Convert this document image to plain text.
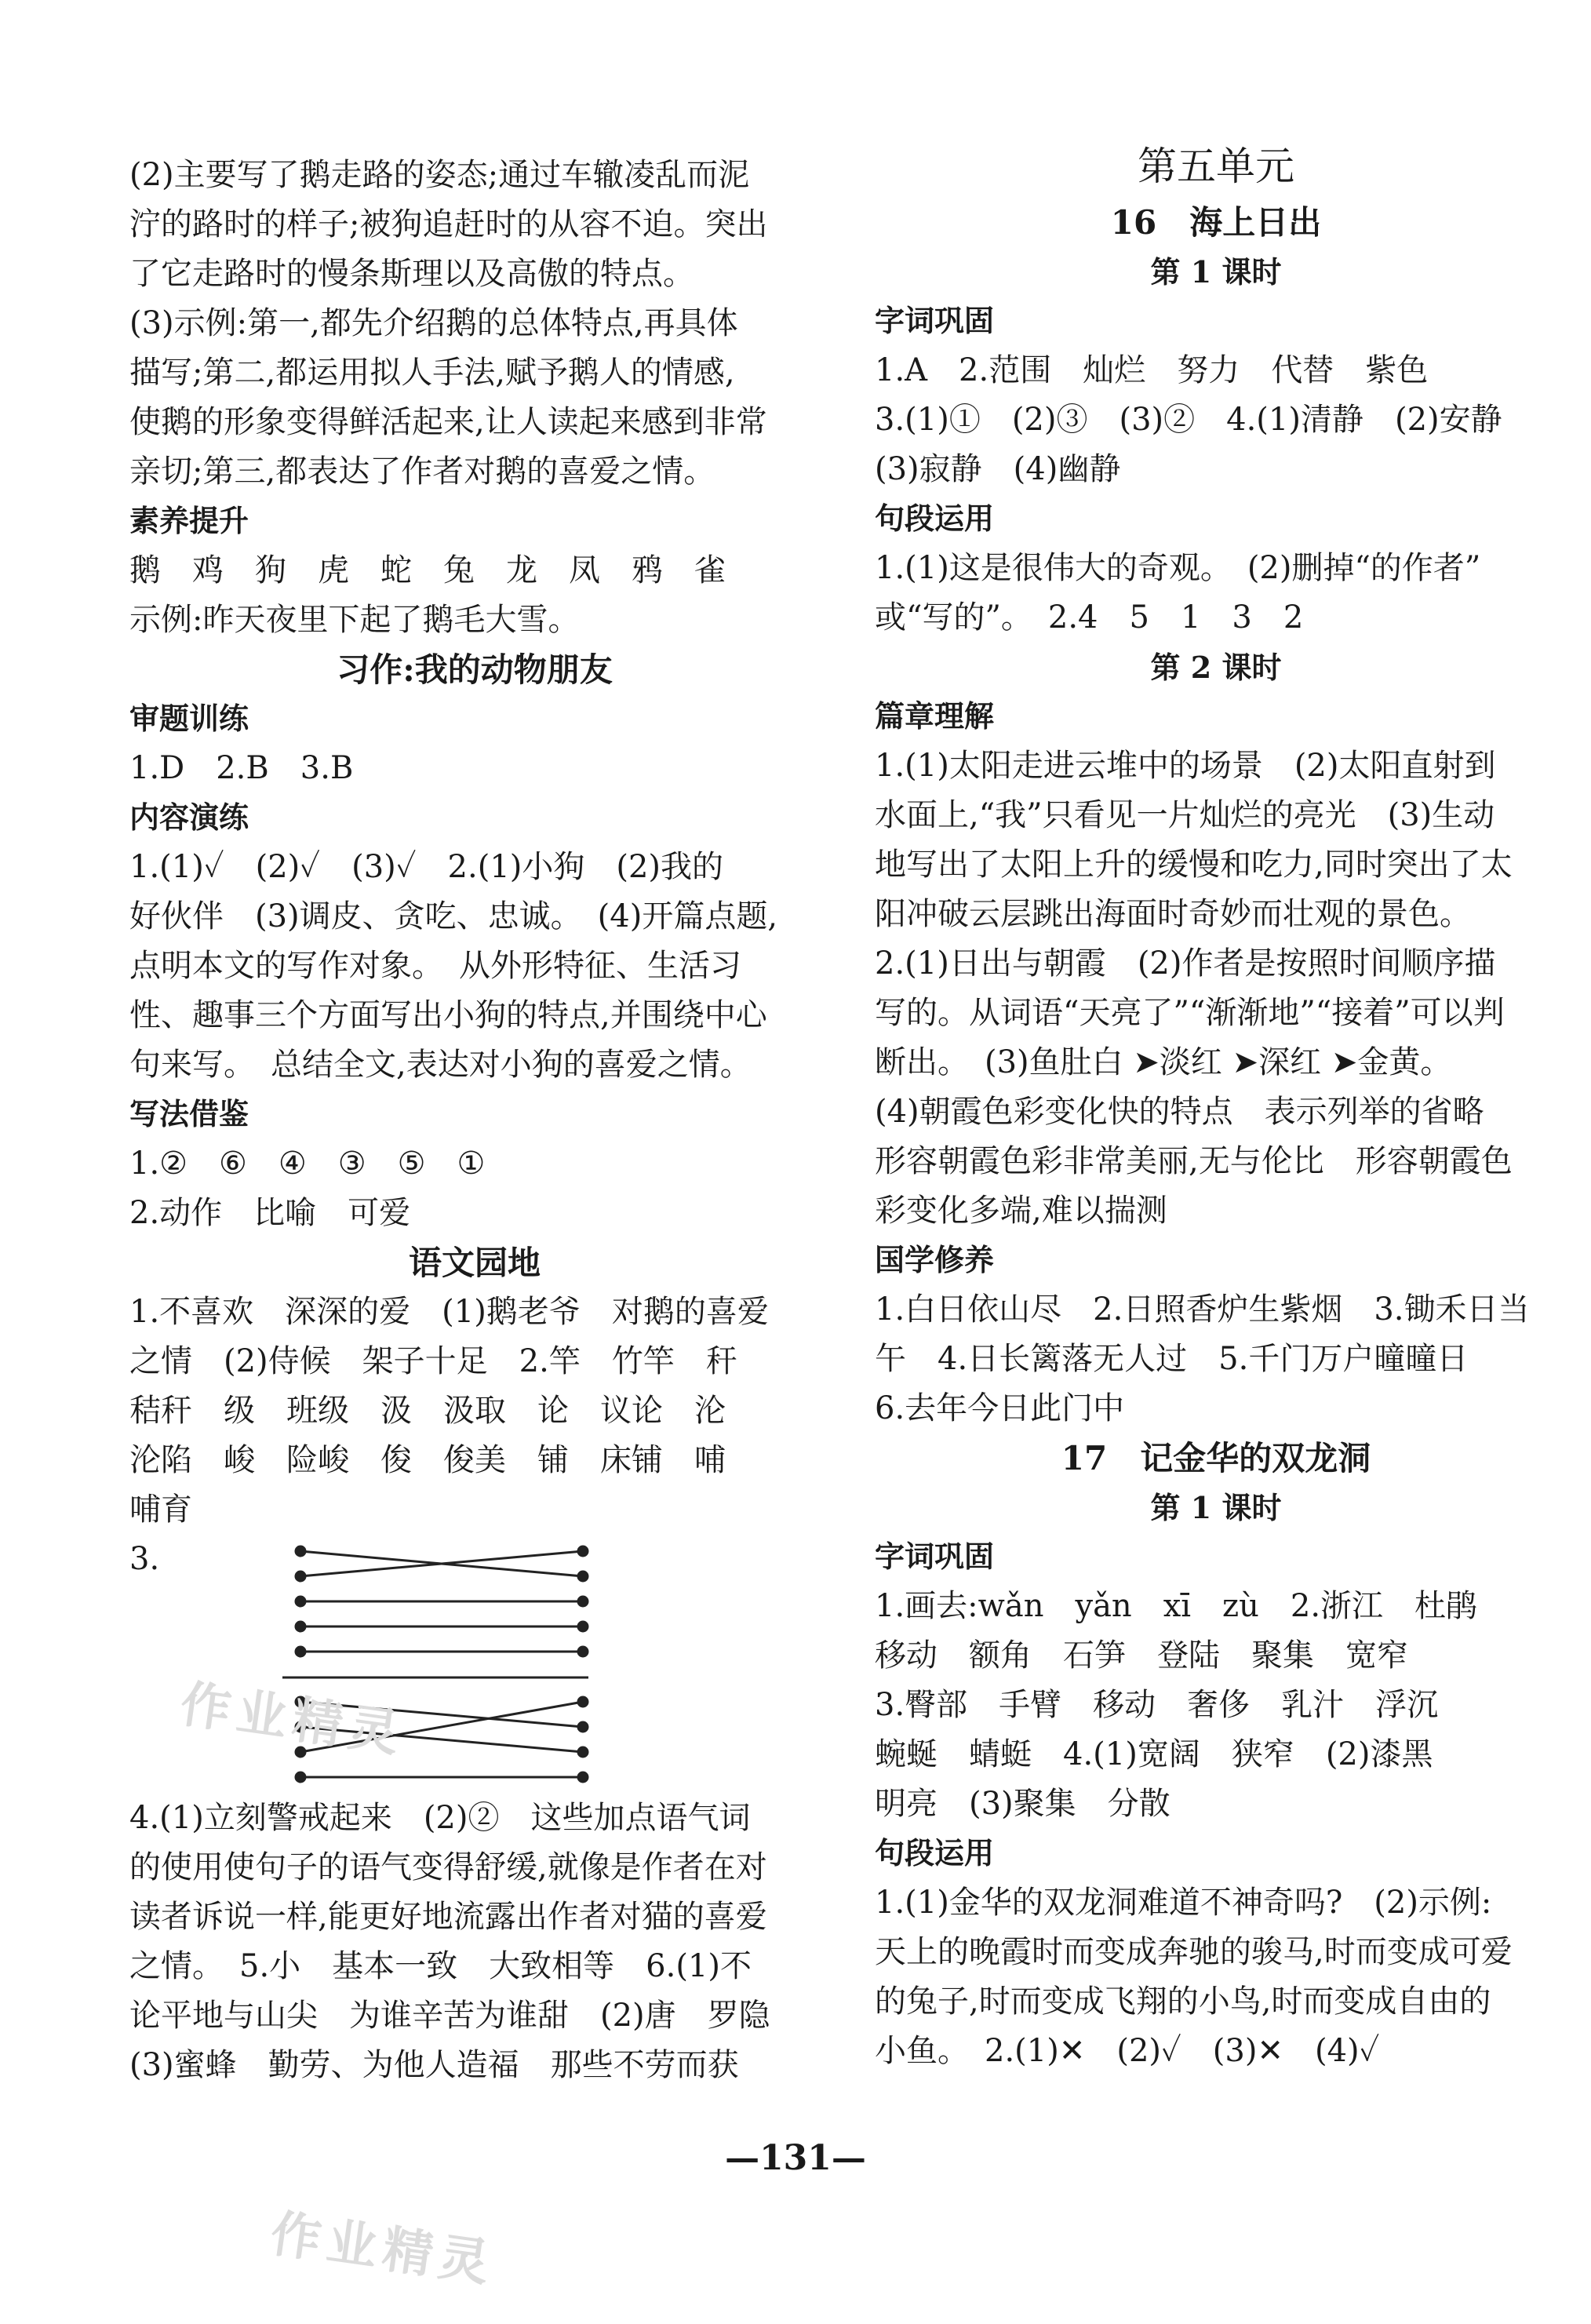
(2)主要写了鹅走路的姿态;通过车辙凌乱而泥
泞的路时的样子;被狗追赶时的从容不迫。突出
了它走路时的慢条斯理以及高傲的特点。
(3)示例:第一,都先介绍鹅的总体特点,再具体
描写;第二,都运用拟人手法,赋予鹅人的情感,
使鹅的形象变得鲜活起来,让人读起来感到非常
亲切;第三,都表达了作者对鹅的喜爱之情。
素养提升
鹅　鸡　狗　虎　蛇　兔　龙　凤　鸦　雀
示例:昨天夜里下起了鹅毛大雪。
习作:我的动物朋友
审题训练
1.D　2.B　3.B
内容演练
1.(1)✓　(2)✓　(3)✓　2.(1)小狗　(2)我的
好伙伴　(3)调皮、贪吃、忠诚。　(4)开篇点题,
点明本文的写作对象。　从外形特征、生活习
性、趣事三个方面写出小狗的特点,并围绕中心
句来写。　总结全文,表达对小狗的喜爱之情。
写法借鉴
1.②　⑥　④　③　⑤　①
2.动作　比喻　可爱
语文园地
1.不喜欢　深深的爱　(1)鹅老爷　对鹅的喜爱
之情　(2)侍候　架子十足　2.竿　竹竿　秆
秸秆　级　班级　汲　汲取　论　议论　沦
沦陷　峻　险峻　俊　俊美　铺　床铺　哺
哺育
3.
4.(1)立刻警戒起来　(2)②　这些加点语气词
的使用使句子的语气变得舒缓,就像是作者在对
读者诉说一样,能更好地流露出作者对猫的喜爱
之情。　5.小　基本一致　大致相等　6.(1)不
论平地与山尖　为谁辛苦为谁甜　(2)唐　罗隐
(3)蜜蜂　勤劳、为他人造福　那些不劳而获
第五单元
16　海上日出
第 1 课时
字词巩固
1.A　2.范围　灿烂　努力　代替　紫色
3.(1)①　(2)③　(3)②　4.(1)清静　(2)安静
(3)寂静　(4)幽静
句段运用
1.(1)这是很伟大的奇观。　(2)删掉“的作者”
或“写的”。　2.4　5　1　3　2
第 2 课时
篇章理解
1.(1)太阳走进云堆中的场景　(2)太阳直射到
水面上,“我”只看见一片灿烂的亮光　(3)生动
地写出了太阳上升的缓慢和吃力,同时突出了太
阳冲破云层跳出海面时奇妙而壮观的景色。
2.(1)日出与朝霞　(2)作者是按照时间顺序描
写的。从词语“天亮了”“渐渐地”“接着”可以判
断出。　(3)鱼肚白 ➤淡红 ➤深红 ➤金黄。
(4)朝霞色彩变化快的特点　表示列举的省略
形容朝霞色彩非常美丽,无与伦比　形容朝霞色
彩变化多端,难以揣测
国学修养
1.白日依山尽　2.日照香炉生紫烟　3.锄禾日当
午　4.日长篱落无人过　5.千门万户曈曈日
6.去年今日此门中
17　记金华的双龙洞
第 1 课时
字词巩固
1.画去:wǎn　yǎn　xī　zù　2.浙江　杜鹃
移动　额角　石笋　登陆　聚集　宽窄
3.臀部　手臂　移动　奢侈　乳汁　浮沉
蜿蜒　蜻蜓　4.(1)宽阔　狭窄　(2)漆黑
明亮　(3)聚集　分散
句段运用
1.(1)金华的双龙洞难道不神奇吗?　(2)示例:
天上的晚霞时而变成奔驰的骏马,时而变成可爱
的兔子,时而变成飞翔的小鸟,时而变成自由的
小鱼。　2.(1)✕　(2)✓　(3)✕　(4)✓
作业精灵
作业精灵
—131—
